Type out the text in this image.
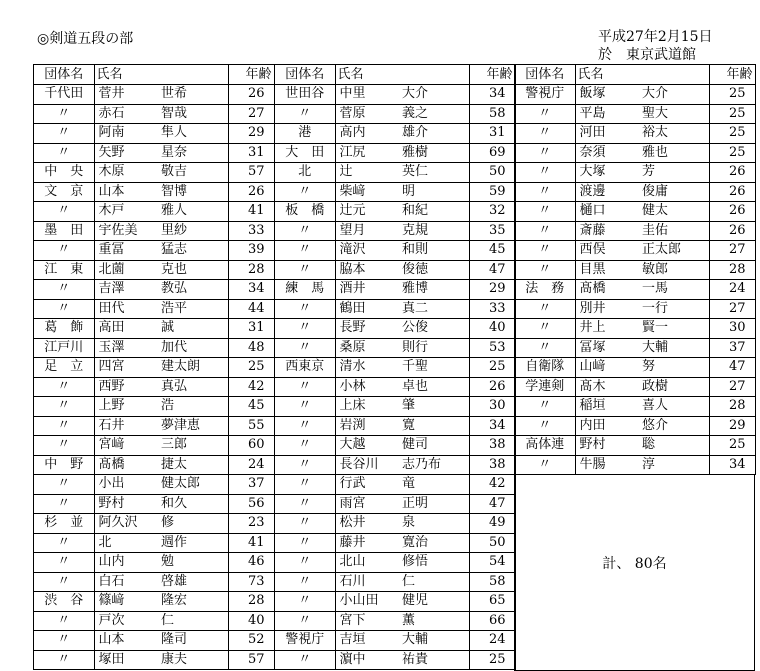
◎剣道五段の部	平成27年2月15日
於　 東京武道館
団体名	氏名		年齢
千代田	菅井	世希	26
〃	赤石	智哉	27
〃	阿南	隼人	29
〃	矢野	星奈	31
中　央	木原	敬吉	57
文　京	山本	智博	26
〃	木戸	雅人	41
墨　田	宇佐美	里紗	33
〃	重冨	猛志	39
江　東	北薗	克也	28
〃	吉澤	教弘	34
〃	田代	浩平	44
葛　飾	高田	誠	31
江戸川	玉澤	加代	48
足　立	四宮	建太朗	25
〃	西野	真弘	42
〃	上野	浩	45
〃	石井	夢津恵	55
〃	宮﨑	三郎	60
中　野	髙橋	捷太	24
〃	小出	健太郎	37
〃	野村	和久	56
杉　並	阿久沢	修	23
〃	北	週作	41
〃	山内	勉	46
〃	白石	啓雄	73
渋　谷	篠﨑	隆宏	28
〃	戸次	仁	40
〃	山本	隆司	52
〃	塚田	康夫	57
団体名	氏名		年齢
世田谷	中里	大介	34
〃	菅原	義之	58
港	高内	雄介	31
大　田	江尻	雅樹	69
北	辻	英仁	50
〃	柴﨑	明	59
板　橋	辻元	和紀	32
〃	望月	克規	35
〃	滝沢	和則	45
〃	脇本	俊徳	47
練　馬	酒井	雅博	29
〃	鶴田	真二	33
〃	長野	公俊	40
〃	桑原	則行	53
西東京	清水	千聖	25
〃	小林	卓也	26
〃	上床	肇	30
〃	岩渕	寛	34
〃	大越	健司	38
〃	長谷川	志乃布	38
〃	行武	竜	42
〃	雨宮	正明	47
〃	松井	泉	49
〃	藤井	寛治	50
〃	北山	修悟	54
〃	石川	仁	58
〃	小山田	健児	65
〃	宮下	薫	66
警視庁	吉垣	大輔	24
〃	濵中	祐貴	25
団体名	氏名		年齢
警視庁	飯塚	大介	25
〃	平島	聖大	25
〃	河田	裕太	25
〃	奈須	雅也	25
〃	大塚	芳	26
〃	渡邊	俊庸	26
〃	樋口	健太	26
〃	斎藤	圭佑	26
〃	西俣	正太郎	27
〃	目黒	敏郎	28
法　務	髙橋	一馬	24
〃	別井	一行	27
〃	井上	賢一	30
〃	冨塚	大輔	37
自衛隊	山﨑	努	47
学連剣	髙木	政樹	27
〃	稲垣	喜人	28
〃	内田	悠介	29
高体連	野村	聡	25
〃	牛腸	淳	34
計、 80名
